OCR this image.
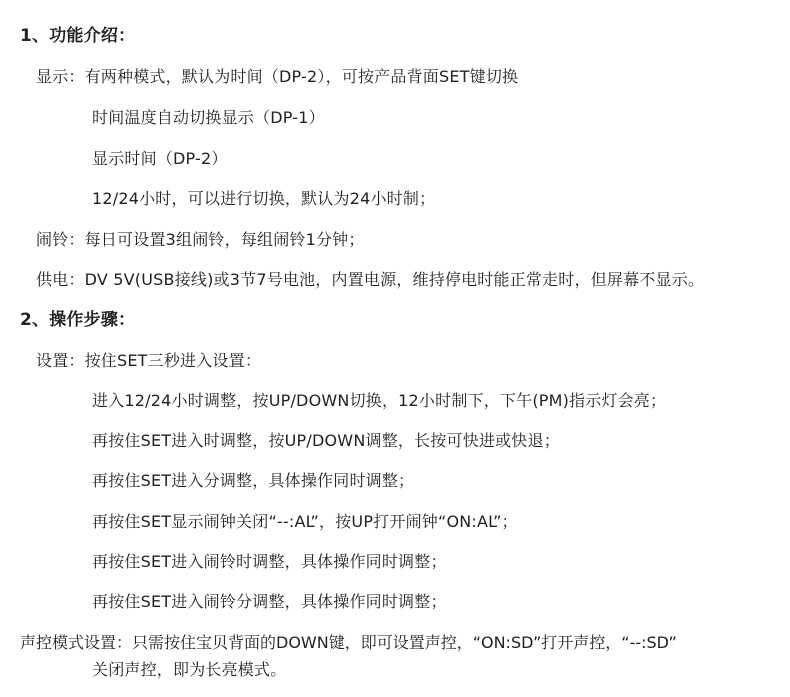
1、功能介绍：
显示：有两种模式，默认为时间（DP-2），可按产品背面SET键切换
时间温度自动切换显示（DP-1）
显示时间（DP-2）
12/24小时，可以进行切换，默认为24小时制；
闹铃：每日可设置3组闹铃，每组闹铃1分钟；
供电：DV 5V(USB接线)或3节7号电池，内置电源，维持停电时能正常走时，但屏幕不显示。
2、操作步骤：
设置：按住SET三秒进入设置：
进入12/24小时调整，按UP/DOWN切换，12小时制下，下午(PM)指示灯会亮；
再按住SET进入时调整，按UP/DOWN调整，长按可快进或快退；
再按住SET进入分调整，具体操作同时调整；
再按住SET显示闹钟关闭“--:AL”，按UP打开闹钟“ON:AL”；
再按住SET进入闹铃时调整，具体操作同时调整；
再按住SET进入闹铃分调整，具体操作同时调整；
声控模式设置：只需按住宝贝背面的DOWN键，即可设置声控，“ON:SD”打开声控，“--:SD”
关闭声控，即为长亮模式。
